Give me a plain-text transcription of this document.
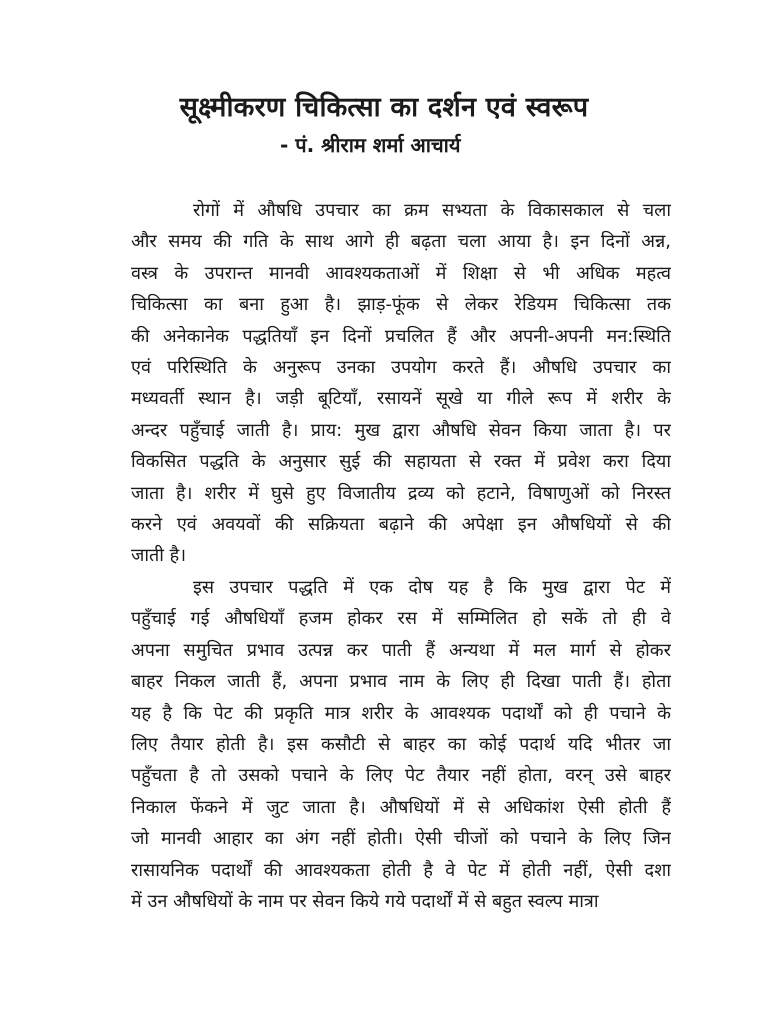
सूक्ष्मीकरण चिकित्सा का दर्शन एवं स्वरूप
- पं. श्रीराम शर्मा आचार्य
रोगों में औषधि उपचार का क्रम सभ्यता के विकासकाल से चला
और समय की गति के साथ आगे ही बढ़ता चला आया है। इन दिनों अन्न,
वस्त्र के उपरान्त मानवी आवश्यकताओं में शिक्षा से भी अधिक महत्व
चिकित्सा का बना हुआ है। झाड़-फूंक से लेकर रेडियम चिकित्सा तक
की अनेकानेक पद्धतियाँ इन दिनों प्रचलित हैं और अपनी-अपनी मन:स्थिति
एवं परिस्थिति के अनुरूप उनका उपयोग करते हैं। औषधि उपचार का
मध्यवर्ती स्थान है। जड़ी बूटियाँ, रसायनें सूखे या गीले रूप में शरीर के
अन्दर पहुँचाई जाती है। प्राय: मुख द्वारा औषधि सेवन किया जाता है। पर
विकसित पद्धति के अनुसार सुई की सहायता से रक्त में प्रवेश करा दिया
जाता है। शरीर में घुसे हुए विजातीय द्रव्य को हटाने, विषाणुओं को निरस्त
करने एवं अवयवों की सक्रियता बढ़ाने की अपेक्षा इन औषधियों से की
जाती है।
इस उपचार पद्धति में एक दोष यह है कि मुख द्वारा पेट में
पहुँचाई गई औषधियाँ हजम होकर रस में सम्मिलित हो सकें तो ही वे
अपना समुचित प्रभाव उत्पन्न कर पाती हैं अन्यथा में मल मार्ग से होकर
बाहर निकल जाती हैं, अपना प्रभाव नाम के लिए ही दिखा पाती हैं। होता
यह है कि पेट की प्रकृति मात्र शरीर के आवश्यक पदार्थों को ही पचाने के
लिए तैयार होती है। इस कसौटी से बाहर का कोई पदार्थ यदि भीतर जा
पहुँचता है तो उसको पचाने के लिए पेट तैयार नहीं होता, वरन् उसे बाहर
निकाल फेंकने में जुट जाता है। औषधियों में से अधिकांश ऐसी होती हैं
जो मानवी आहार का अंग नहीं होती। ऐसी चीजों को पचाने के लिए जिन
रासायनिक पदार्थों की आवश्यकता होती है वे पेट में होती नहीं, ऐसी दशा
में उन औषधियों के नाम पर सेवन किये गये पदार्थों में से बहुत स्वल्प मात्रा
